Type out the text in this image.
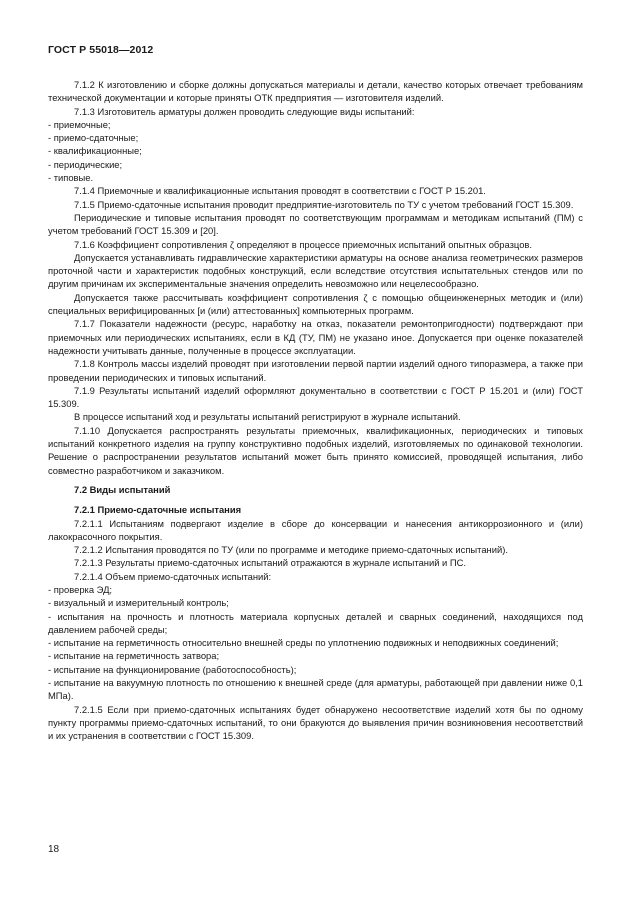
ГОСТ Р 55018—2012

7.1.2 К изготовлению и сборке должны допускаться материалы и детали, качество которых отвечает требованиям технической документации и которые приняты ОТК предприятия — изготовителя изделий.

7.1.3 Изготовитель арматуры должен проводить следующие виды испытаний:

- приемочные;

- приемо-сдаточные;

- квалификационные;

- периодические;

- типовые.

7.1.4 Приемочные и квалификационные испытания проводят в соответствии с ГОСТ Р 15.201.

7.1.5 Приемо-сдаточные испытания проводит предприятие-изготовитель по ТУ с учетом требований ГОСТ 15.309.

Периодические и типовые испытания проводят по соответствующим программам и методикам испытаний (ПМ) с учетом требований ГОСТ 15.309 и [20].

7.1.6 Коэффициент сопротивления ζ определяют в процессе приемочных испытаний опытных образцов.

Допускается устанавливать гидравлические характеристики арматуры на основе анализа геометрических размеров проточной части и характеристик подобных конструкций, если вследствие отсутствия испытательных стендов или по другим причинам их экспериментальные значения определить невозможно или нецелесообразно.

Допускается также рассчитывать коэффициент сопротивления ζ с помощью общеинженерных методик и (или) специальных верифицированных [и (или) аттестованных] компьютерных программ.

7.1.7 Показатели надежности (ресурс, наработку на отказ, показатели ремонтопригодности) подтверждают при приемочных или периодических испытаниях, если в КД (ТУ, ПМ) не указано иное. Допускается при оценке показателей надежности учитывать данные, полученные в процессе эксплуатации.

7.1.8 Контроль массы изделий проводят при изготовлении первой партии изделий одного типоразмера, а также при проведении периодических и типовых испытаний.

7.1.9 Результаты испытаний изделий оформляют документально в соответствии с ГОСТ Р 15.201 и (или) ГОСТ 15.309.

В процессе испытаний ход и результаты испытаний регистрируют в журнале испытаний.

7.1.10 Допускается распространять результаты приемочных, квалификационных, периодических и типовых испытаний конкретного изделия на группу конструктивно подобных изделий, изготовляемых по одинаковой технологии. Решение о распространении результатов испытаний может быть принято комиссией, проводящей испытания, либо совместно разработчиком и заказчиком.

7.2 Виды испытаний

7.2.1 Приемо-сдаточные испытания

7.2.1.1 Испытаниям подвергают изделие в сборе до консервации и нанесения антикоррозионного и (или) лакокрасочного покрытия.

7.2.1.2 Испытания проводятся по ТУ (или по программе и методике приемо-сдаточных испытаний).

7.2.1.3 Результаты приемо-сдаточных испытаний отражаются в журнале испытаний и ПС.

7.2.1.4 Объем приемо-сдаточных испытаний:

- проверка ЭД;

- визуальный и измерительный контроль;

- испытания на прочность и плотность материала корпусных деталей и сварных соединений, находящихся под давлением рабочей среды;

- испытание на герметичность относительно внешней среды по уплотнению подвижных и неподвижных соединений;

- испытание на герметичность затвора;

- испытание на функционирование (работоспособность);

- испытание на вакуумную плотность по отношению к внешней среде (для арматуры, работающей при давлении ниже 0,1 МПа).

7.2.1.5 Если при приемо-сдаточных испытаниях будет обнаружено несоответствие изделий хотя бы по одному пункту программы приемо-сдаточных испытаний, то они бракуются до выявления причин возникновения несоответствий и их устранения в соответствии с ГОСТ 15.309.

18
